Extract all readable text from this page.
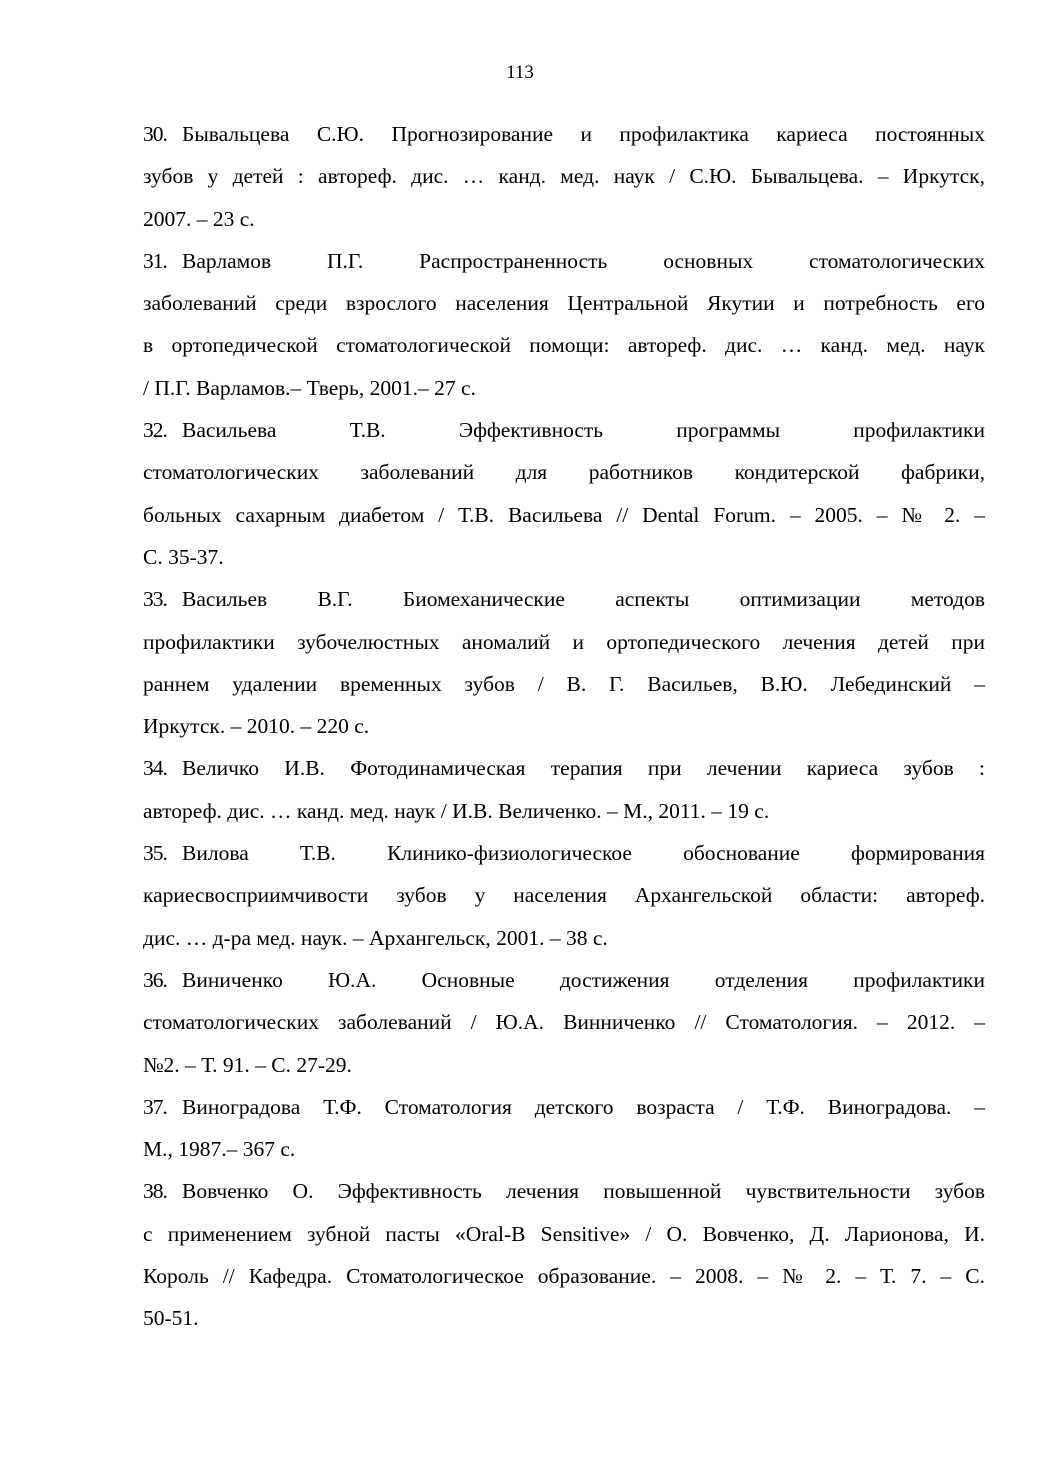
113
30. Бывальцева С.Ю. Прогнозирование и профилактика кариеса постоянных
зубов у детей : автореф. дис. … канд. мед. наук / С.Ю. Бывальцева. – Иркутск,
2007. – 23 с.
31. Варламов П.Г. Распространенность основных стоматологических
заболеваний среди взрослого населения Центральной Якутии и потребность его
в ортопедической стоматологической помощи: автореф. дис. … канд. мед. наук
/ П.Г. Варламов.– Тверь, 2001.– 27 с.
32. Васильева Т.В. Эффективность программы профилактики
стоматологических заболеваний для работников кондитерской фабрики,
больных сахарным диабетом / Т.В. Васильева // Dental Forum. – 2005. – № 2. –
С. 35-37.
33. Васильев В.Г. Биомеханические аспекты оптимизации методов
профилактики зубочелюстных аномалий и ортопедического лечения детей при
раннем удалении временных зубов / В. Г. Васильев, В.Ю. Лебединский –
Иркутск. – 2010. – 220 с.
34. Величко И.В. Фотодинамическая терапия при лечении кариеса зубов :
автореф. дис. … канд. мед. наук / И.В. Величенко. – М., 2011. – 19 с.
35. Вилова Т.В. Клинико-физиологическое обоснование формирования
кариесвосприимчивости зубов у населения Архангельской области: автореф.
дис. … д-ра мед. наук. – Архангельск, 2001. – 38 с.
36. Виниченко Ю.А. Основные достижения отделения профилактики
стоматологических заболеваний / Ю.А. Винниченко // Стоматология. – 2012. –
№2. – Т. 91. – С. 27-29.
37. Виноградова Т.Ф. Стоматология детского возраста / Т.Ф. Виноградова. –
М., 1987.– 367 с.
38. Вовченко О. Эффективность лечения повышенной чувствительности зубов
с применением зубной пасты «Oral-B Sensitive» / О. Вовченко, Д. Ларионова, И.
Король // Кафедра. Стоматологическое образование. – 2008. – № 2. – Т. 7. – С.
50-51.
